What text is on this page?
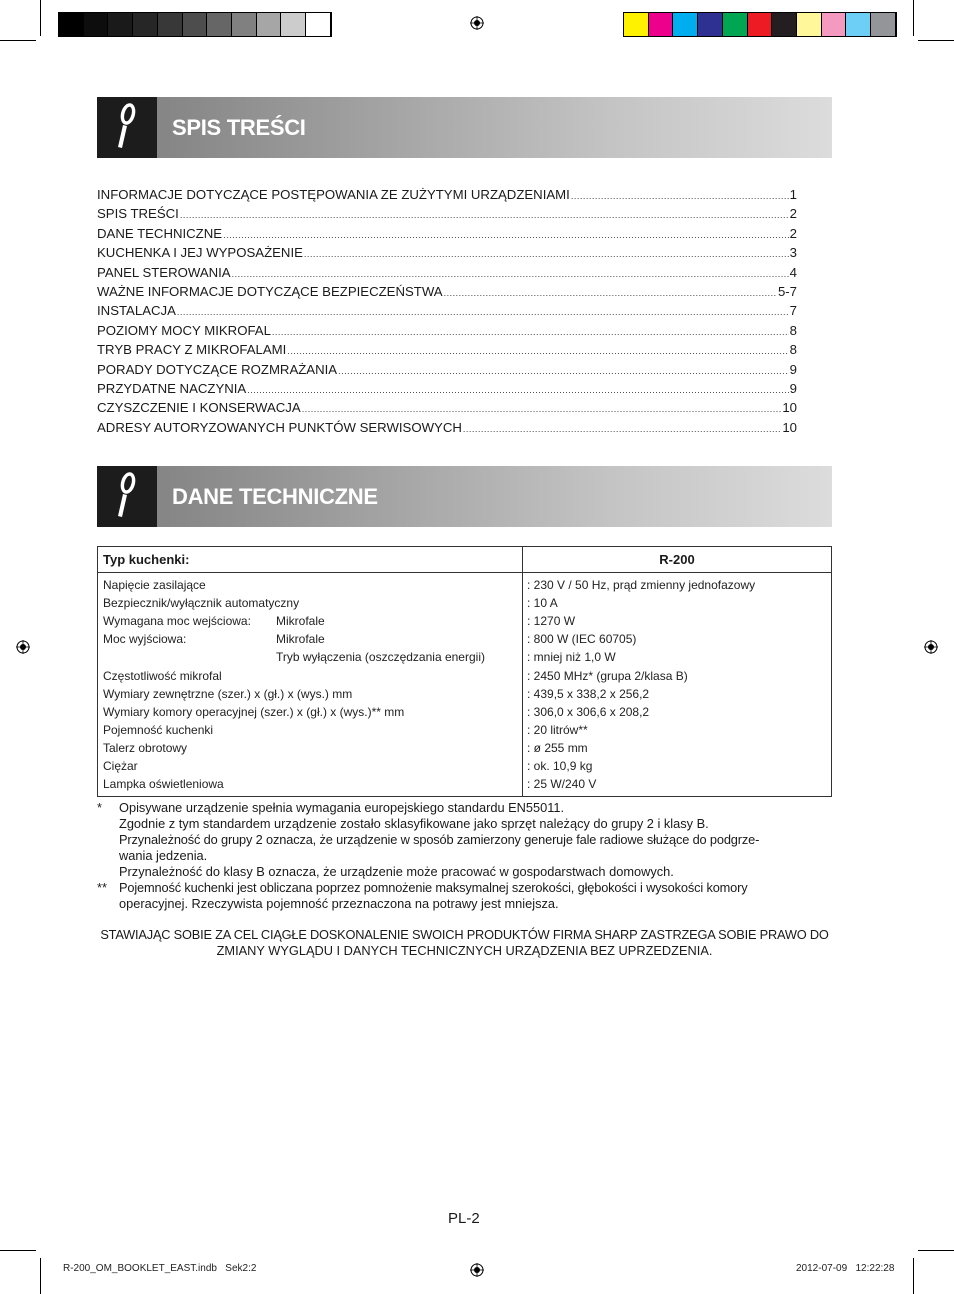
SPIS TREŚCI
INFORMACJE DOTYCZĄCE POSTĘPOWANIA ZE ZUŻYTYMI URZĄDZENIAMI .....	1
SPIS TREŚCI .....	2
DANE TECHNICZNE .....	2
KUCHENKA I JEJ WYPOSAŻENIE .....	3
PANEL STEROWANIA .....	4
WAŻNE INFORMACJE DOTYCZĄCE BEZPIECZEŃSTWA .....	5-7
INSTALACJA .....	7
POZIOMY MOCY MIKROFAL .....	8
TRYB PRACY Z MIKROFALAMI .....	8
PORADY DOTYCZĄCE ROZMRAŻANIA .....	9
PRZYDATNE NACZYNIA .....	9
CZYSZCZENIE I KONSERWACJA .....	10
ADRESY AUTORYZOWANYCH PUNKTÓW SERWISOWYCH .....	10
DANE TECHNICZNE
Typ kuchenki:	R-200
Napięcie zasilające	: 230 V / 50 Hz, prąd zmienny jednofazowy
Bezpiecznik/wyłącznik automatyczny	: 10 A
Wymagana moc wejściowa: Mikrofale	: 1270 W
Moc wyjściowa:	Mikrofale	: 800 W (IEC 60705)
Tryb wyłączenia (oszczędzania energii)	: mniej niż 1,0 W
Częstotliwość mikrofal	: 2450 MHz* (grupa 2/klasa B)
Wymiary zewnętrzne (szer.) x (gł.) x (wys.) mm	: 439,5 x 338,2 x 256,2
Wymiary komory operacyjnej (szer.) x (gł.) x (wys.)** mm	: 306,0 x 306,6 x 208,2
Pojemność kuchenki	: 20 litrów**
Talerz obrotowy	: ø 255 mm
Ciężar	: ok. 10,9 kg
Lampka oświetleniowa	: 25 W/240 V
* Opisywane urządzenie spełnia wymagania europejskiego standardu EN55011.
Zgodnie z tym standardem urządzenie zostało sklasyfikowane jako sprzęt należący do grupy 2 i klasy B.
Przynależność do grupy 2 oznacza, że urządzenie w sposób zamierzony generuje fale radiowe służące do podgrze-
wania jedzenia.
Przynależność do klasy B oznacza, że urządzenie może pracować w gospodarstwach domowych.
** Pojemność kuchenki jest obliczana poprzez pomnożenie maksymalnej szerokości, głębokości i wysokości komory
operacyjnej. Rzeczywista pojemność przeznaczona na potrawy jest mniejsza.
STAWIAJĄC SOBIE ZA CEL CIĄGŁE DOSKONALENIE SWOICH PRODUKTÓW FIRMA SHARP ZASTRZEGA SOBIE PRAWO DO
ZMIANY WYGLĄDU I DANYCH TECHNICZNYCH URZĄDZENIA BEZ UPRZEDZENIA.
PL-2
R-200_OM_BOOKLET_EAST.indb   Sek2:2	2012-07-09   12:22:28
